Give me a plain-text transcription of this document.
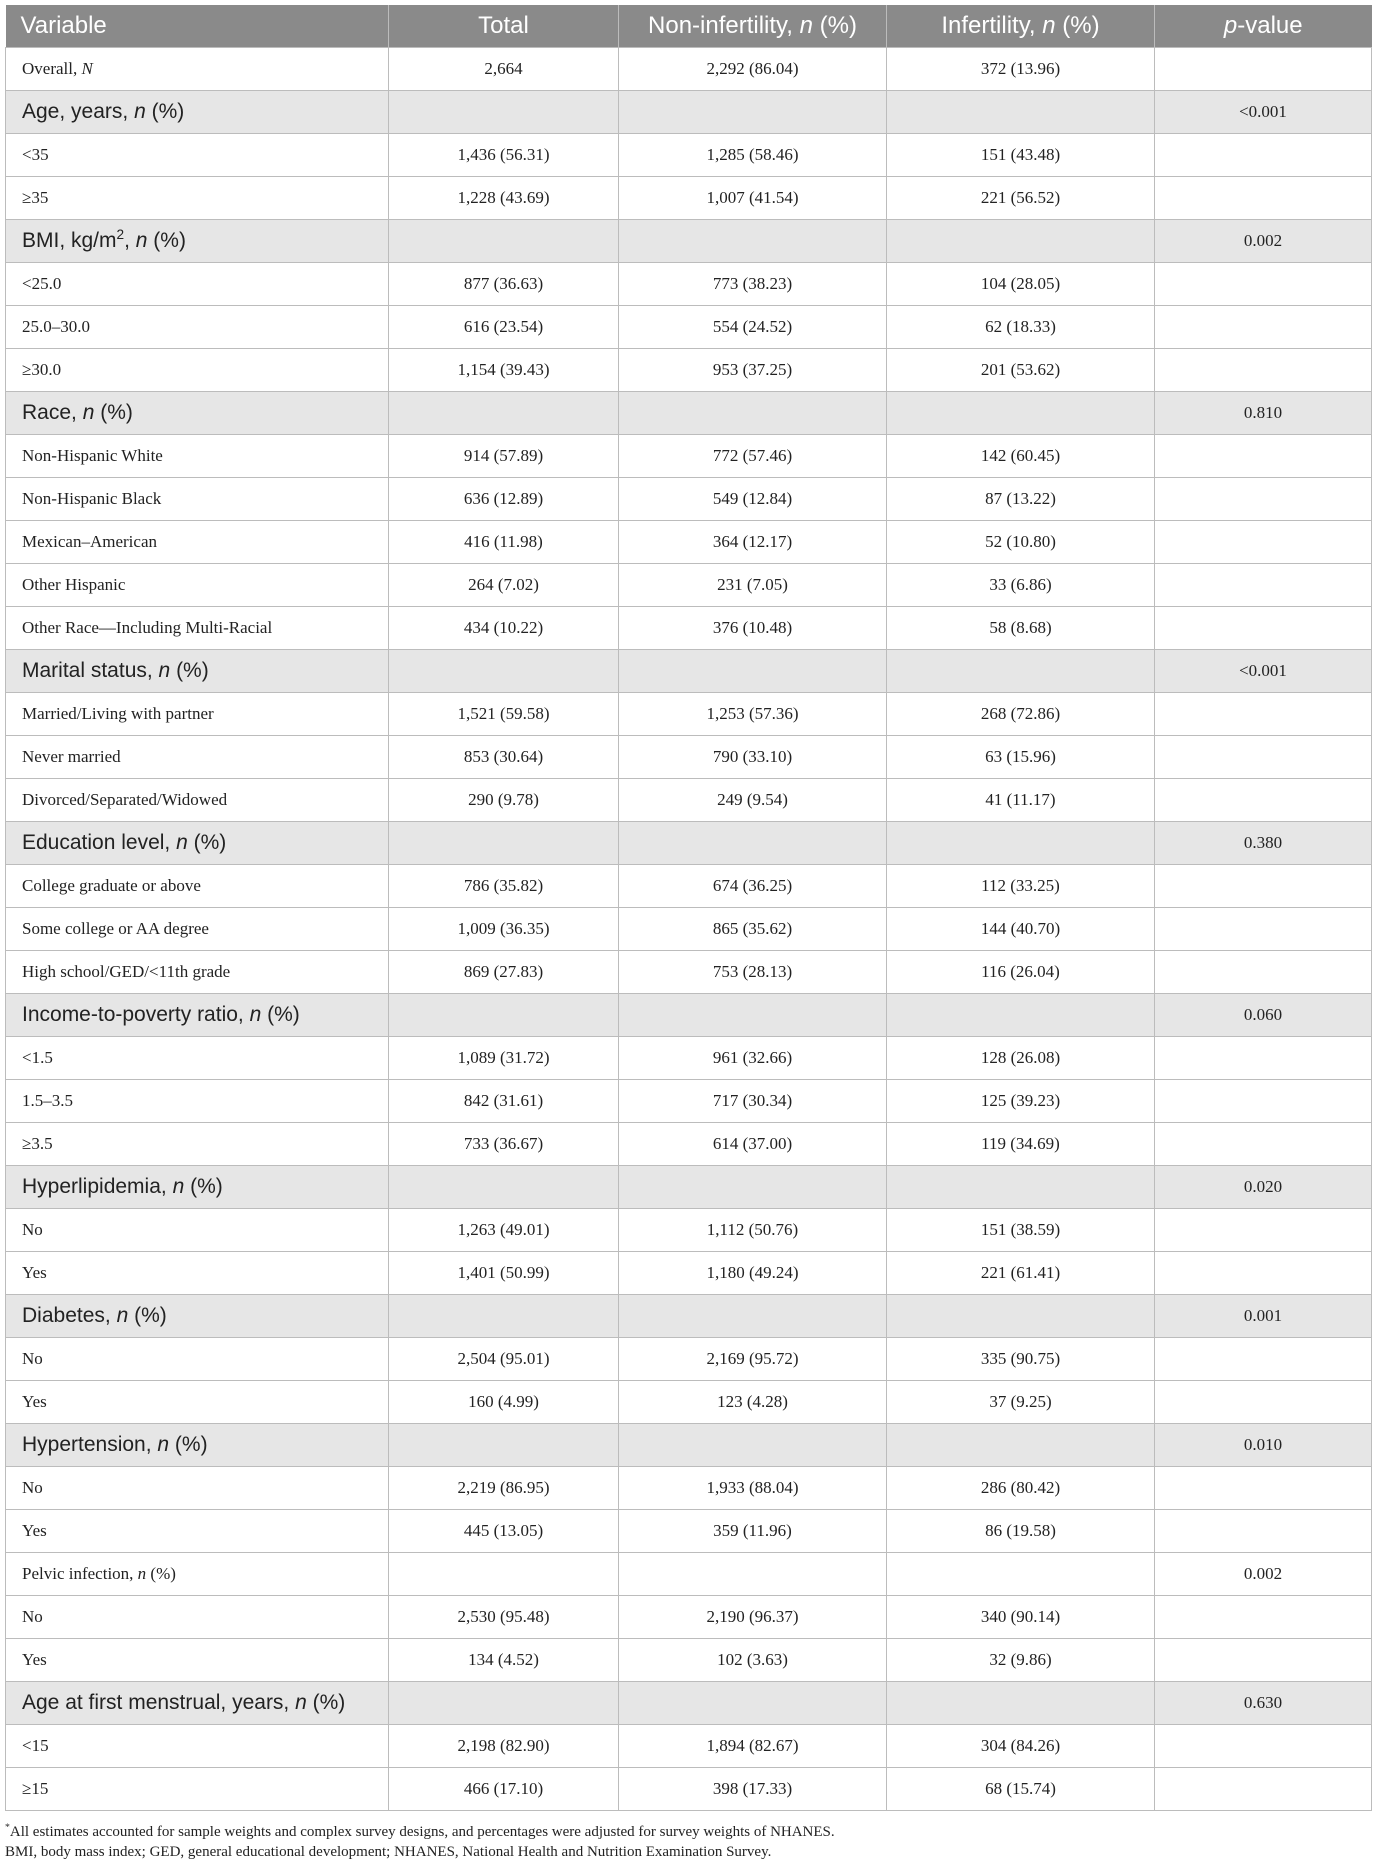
Variable	Total	Non-infertility, n (%)	Infertility, n (%)	p-value
Overall, N	2,664	2,292 (86.04)	372 (13.96)	
Age, years, n (%)				<0.001
<35	1,436 (56.31)	1,285 (58.46)	151 (43.48)	
≥35	1,228 (43.69)	1,007 (41.54)	221 (56.52)	
BMI, $kg/m^2$, n (%)				0.002
<25.0	877 (36.63)	773 (38.23)	104 (28.05)	
25.0–30.0	616 (23.54)	554 (24.52)	62 (18.33)	
≥30.0	1,154 (39.43)	953 (37.25)	201 (53.62)	
Race, n (%)				0.810
Non-Hispanic White	914 (57.89)	772 (57.46)	142 (60.45)	
Non-Hispanic Black	636 (12.89)	549 (12.84)	87 (13.22)	
Mexican–American	416 (11.98)	364 (12.17)	52 (10.80)	
Other Hispanic	264 (7.02)	231 (7.05)	33 (6.86)	
Other Race—Including Multi-Racial	434 (10.22)	376 (10.48)	58 (8.68)	
Marital status, n (%)				<0.001
Married/Living with partner	1,521 (59.58)	1,253 (57.36)	268 (72.86)	
Never married	853 (30.64)	790 (33.10)	63 (15.96)	
Divorced/Separated/Widowed	290 (9.78)	249 (9.54)	41 (11.17)	
Education level, n (%)				0.380
College graduate or above	786 (35.82)	674 (36.25)	112 (33.25)	
Some college or AA degree	1,009 (36.35)	865 (35.62)	144 (40.70)	
High school/GED/<11th grade	869 (27.83)	753 (28.13)	116 (26.04)	
Income-to-poverty ratio, n (%)				0.060
<1.5	1,089 (31.72)	961 (32.66)	128 (26.08)	
1.5–3.5	842 (31.61)	717 (30.34)	125 (39.23)	
≥3.5	733 (36.67)	614 (37.00)	119 (34.69)	
Hyperlipidemia, n (%)				0.020
No	1,263 (49.01)	1,112 (50.76)	151 (38.59)	
Yes	1,401 (50.99)	1,180 (49.24)	221 (61.41)	
Diabetes, n (%)				0.001
No	2,504 (95.01)	2,169 (95.72)	335 (90.75)	
Yes	160 (4.99)	123 (4.28)	37 (9.25)	
Hypertension, n (%)				0.010
No	2,219 (86.95)	1,933 (88.04)	286 (80.42)	
Yes	445 (13.05)	359 (11.96)	86 (19.58)	
Pelvic infection, n (%)				0.002
No	2,530 (95.48)	2,190 (96.37)	340 (90.14)	
Yes	134 (4.52)	102 (3.63)	32 (9.86)	
Age at first menstrual, years, n (%)				0.630
<15	2,198 (82.90)	1,894 (82.67)	304 (84.26)	
≥15	466 (17.10)	398 (17.33)	68 (15.74)	
*All estimates accounted for sample weights and complex survey designs, and percentages were adjusted for survey weights of NHANES.
BMI, body mass index; GED, general educational development; NHANES, National Health and Nutrition Examination Survey.
